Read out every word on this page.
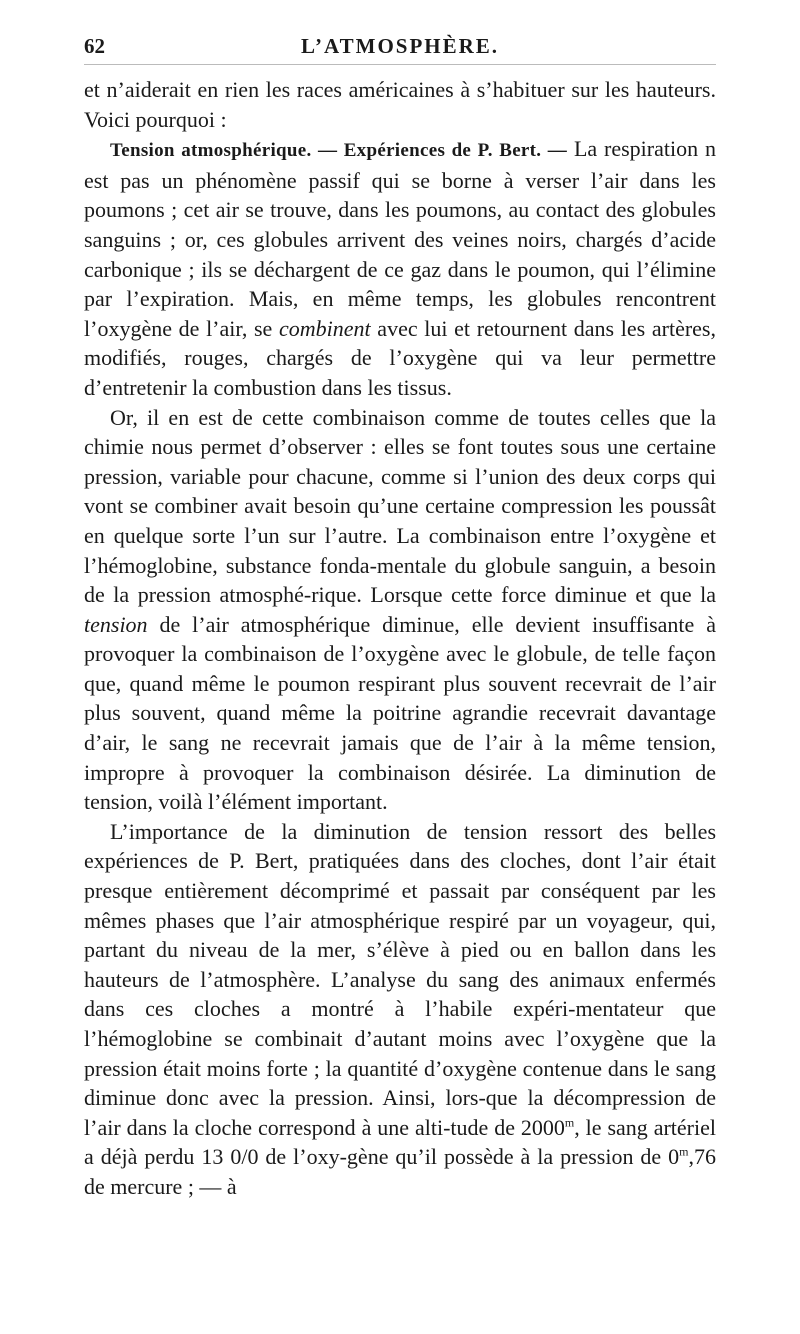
62	L’ATMOSPHÈRE.

et n’aiderait en rien les races américaines à s’habituer sur les hauteurs. Voici pourquoi :

Tension atmosphérique. — Expériences de P. Bert. — La respiration n est pas un phénomène passif qui se borne à verser l’air dans les poumons ; cet air se trouve, dans les poumons, au contact des globules sanguins ; or, ces globules arrivent des veines noirs, chargés d’acide carbonique ; ils se déchargent de ce gaz dans le poumon, qui l’élimine par l’expiration. Mais, en même temps, les globules rencontrent l’oxygène de l’air, se combinent avec lui et retournent dans les artères, modifiés, rouges, chargés de l’oxygène qui va leur permettre d’entretenir la combustion dans les tissus.

Or, il en est de cette combinaison comme de toutes celles que la chimie nous permet d’observer : elles se font toutes sous une certaine pression, variable pour chacune, comme si l’union des deux corps qui vont se combiner avait besoin qu’une certaine compression les poussât en quelque sorte l’un sur l’autre. La combinaison entre l’oxygène et l’hémoglobine, substance fonda-mentale du globule sanguin, a besoin de la pression atmosphé-rique. Lorsque cette force diminue et que la tension de l’air atmosphérique diminue, elle devient insuffisante à provoquer la combinaison de l’oxygène avec le globule, de telle façon que, quand même le poumon respirant plus souvent recevrait de l’air plus souvent, quand même la poitrine agrandie recevrait davantage d’air, le sang ne recevrait jamais que de l’air à la même tension, impropre à provoquer la combinaison désirée. La diminution de tension, voilà l’élément important.

L’importance de la diminution de tension ressort des belles expériences de P. Bert, pratiquées dans des cloches, dont l’air était presque entièrement décomprimé et passait par conséquent par les mêmes phases que l’air atmosphérique respiré par un voyageur, qui, partant du niveau de la mer, s’élève à pied ou en ballon dans les hauteurs de l’atmosphère. L’analyse du sang des animaux enfermés dans ces cloches a montré à l’habile expéri-mentateur que l’hémoglobine se combinait d’autant moins avec l’oxygène que la pression était moins forte ; la quantité d’oxygène contenue dans le sang diminue donc avec la pression. Ainsi, lors-que la décompression de l’air dans la cloche correspond à une alti-tude de 2000$^m$, le sang artériel a déjà perdu 13 0/0 de l’oxy-gène qu’il possède à la pression de 0$^m$,76 de mercure ; — à
